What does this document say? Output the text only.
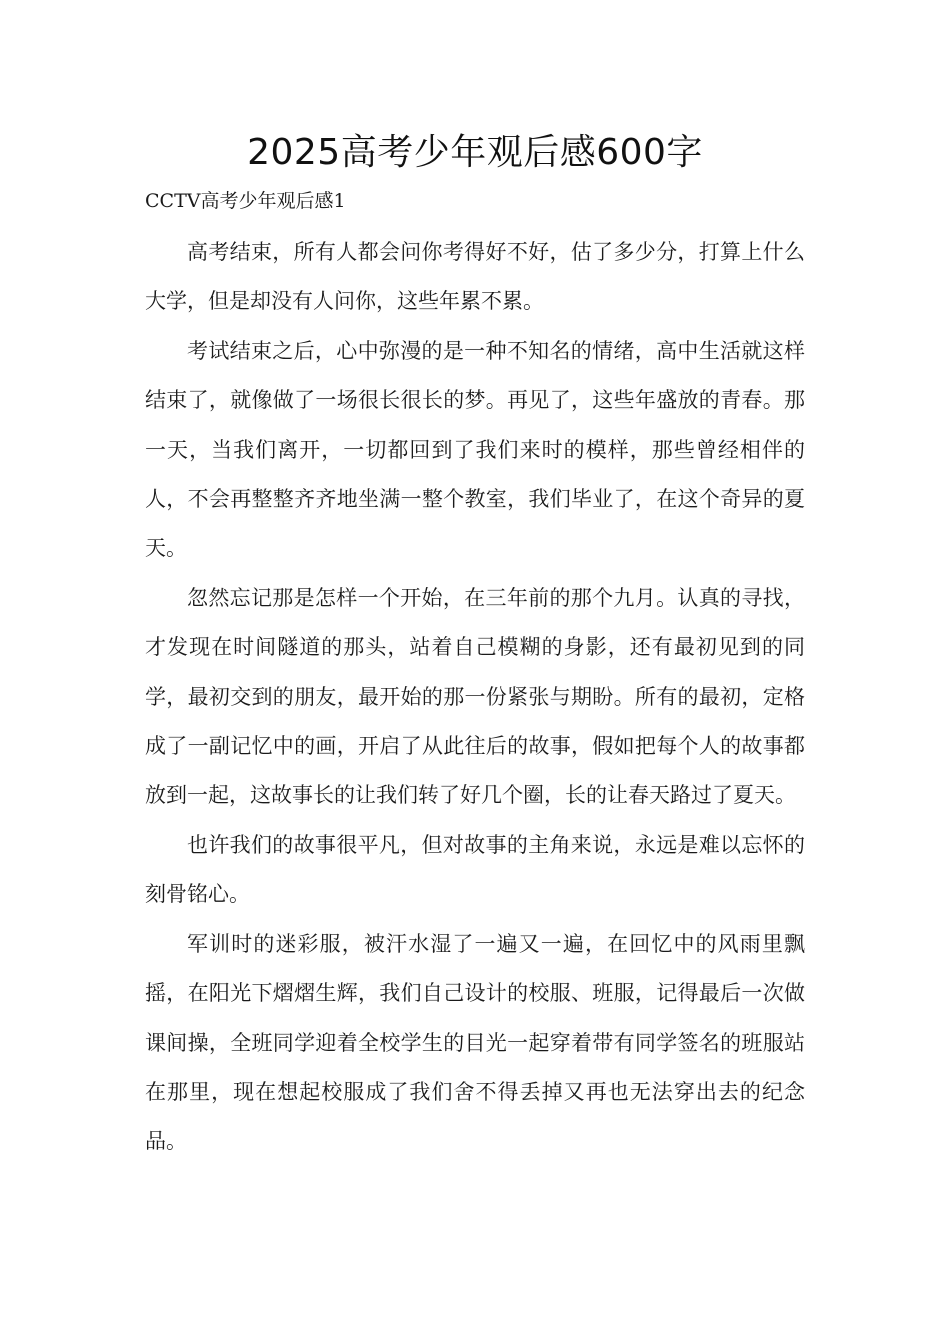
2025高考少年观后感600字

CCTV高考少年观后感1

高考结束，所有人都会问你考得好不好，估了多少分，打算上什么大学，但是却没有人问你，这些年累不累。

考试结束之后，心中弥漫的是一种不知名的情绪，高中生活就这样结束了，就像做了一场很长很长的梦。再见了，这些年盛放的青春。那一天，当我们离开，一切都回到了我们来时的模样，那些曾经相伴的人，不会再整整齐齐地坐满一整个教室，我们毕业了，在这个奇异的夏天。

忽然忘记那是怎样一个开始，在三年前的那个九月。认真的寻找，才发现在时间隧道的那头，站着自己模糊的身影，还有最初见到的同学，最初交到的朋友，最开始的那一份紧张与期盼。所有的最初，定格成了一副记忆中的画，开启了从此往后的故事，假如把每个人的故事都放到一起，这故事长的让我们转了好几个圈，长的让春天路过了夏天。

也许我们的故事很平凡，但对故事的主角来说，永远是难以忘怀的刻骨铭心。

军训时的迷彩服，被汗水湿了一遍又一遍，在回忆中的风雨里飘摇，在阳光下熠熠生辉，我们自己设计的校服、班服，记得最后一次做课间操，全班同学迎着全校学生的目光一起穿着带有同学签名的班服站在那里，现在想起校服成了我们舍不得丢掉又再也无法穿出去的纪念品。
